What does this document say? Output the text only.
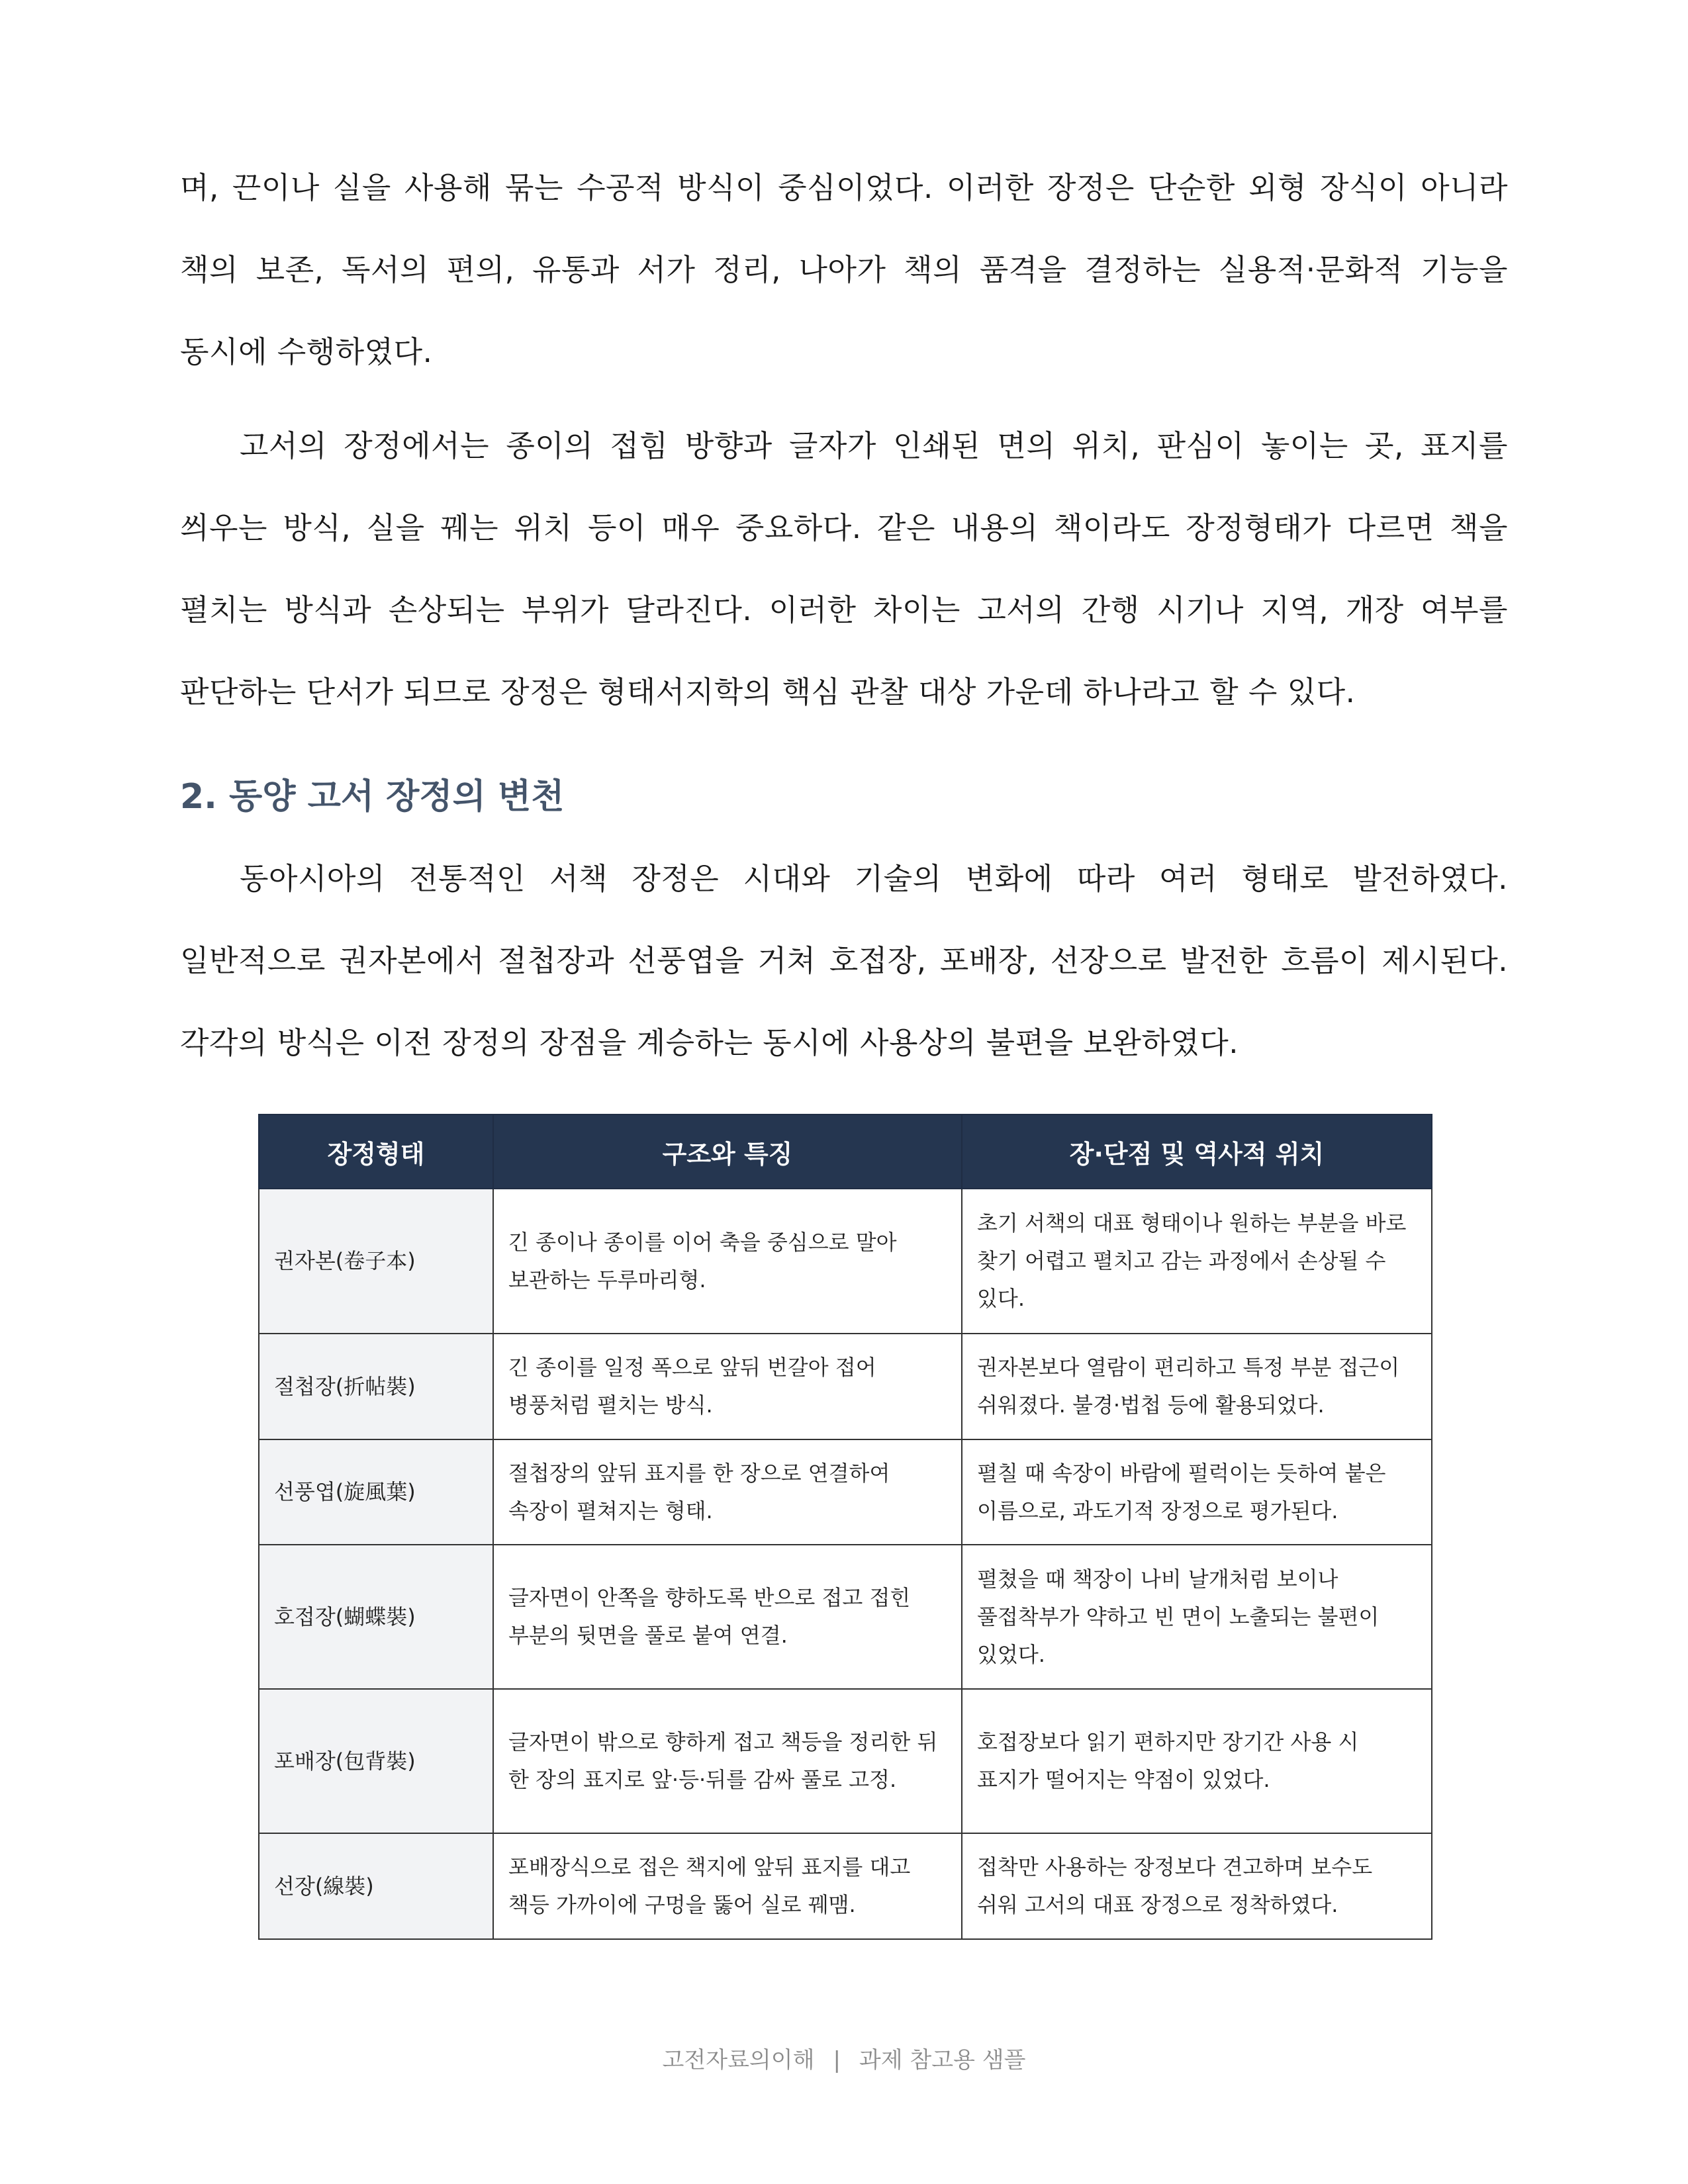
며, 끈이나 실을 사용해 묶는 수공적 방식이 중심이었다. 이러한 장정은 단순한 외형 장식이 아니라 책의 보존, 독서의 편의, 유통과 서가 정리, 나아가 책의 품격을 결정하는 실용적·문화적 기능을 동시에 수행하였다.

고서의 장정에서는 종이의 접힘 방향과 글자가 인쇄된 면의 위치, 판심이 놓이는 곳, 표지를 씌우는 방식, 실을 꿰는 위치 등이 매우 중요하다. 같은 내용의 책이라도 장정형태가 다르면 책을 펼치는 방식과 손상되는 부위가 달라진다. 이러한 차이는 고서의 간행 시기나 지역, 개장 여부를 판단하는 단서가 되므로 장정은 형태서지학의 핵심 관찰 대상 가운데 하나라고 할 수 있다.

2. 동양 고서 장정의 변천

동아시아의 전통적인 서책 장정은 시대와 기술의 변화에 따라 여러 형태로 발전하였다. 일반적으로 권자본에서 절첩장과 선풍엽을 거쳐 호접장, 포배장, 선장으로 발전한 흐름이 제시된다. 각각의 방식은 이전 장정의 장점을 계승하는 동시에 사용상의 불편을 보완하였다.

장정형태	구조와 특징	장·단점 및 역사적 위치
권자본(卷子本)	긴 종이나 종이를 이어 축을 중심으로 말아 보관하는 두루마리형.	초기 서책의 대표 형태이나 원하는 부분을 바로 찾기 어렵고 펼치고 감는 과정에서 손상될 수 있다.
절첩장(折帖裝)	긴 종이를 일정 폭으로 앞뒤 번갈아 접어 병풍처럼 펼치는 방식.	권자본보다 열람이 편리하고 특정 부분 접근이 쉬워졌다. 불경·법첩 등에 활용되었다.
선풍엽(旋風葉)	절첩장의 앞뒤 표지를 한 장으로 연결하여 속장이 펼쳐지는 형태.	펼칠 때 속장이 바람에 펄럭이는 듯하여 붙은 이름으로, 과도기적 장정으로 평가된다.
호접장(蝴蝶裝)	글자면이 안쪽을 향하도록 반으로 접고 접힌 부분의 뒷면을 풀로 붙여 연결.	펼쳤을 때 책장이 나비 날개처럼 보이나 풀접착부가 약하고 빈 면이 노출되는 불편이 있었다.
포배장(包背裝)	글자면이 밖으로 향하게 접고 책등을 정리한 뒤 한 장의 표지로 앞·등·뒤를 감싸 풀로 고정.	호접장보다 읽기 편하지만 장기간 사용 시 표지가 떨어지는 약점이 있었다.
선장(線裝)	포배장식으로 접은 책지에 앞뒤 표지를 대고 책등 가까이에 구멍을 뚫어 실로 꿰맴.	접착만 사용하는 장정보다 견고하며 보수도 쉬워 고서의 대표 장정으로 정착하였다.
고전자료의이해 | 과제 참고용 샘플
